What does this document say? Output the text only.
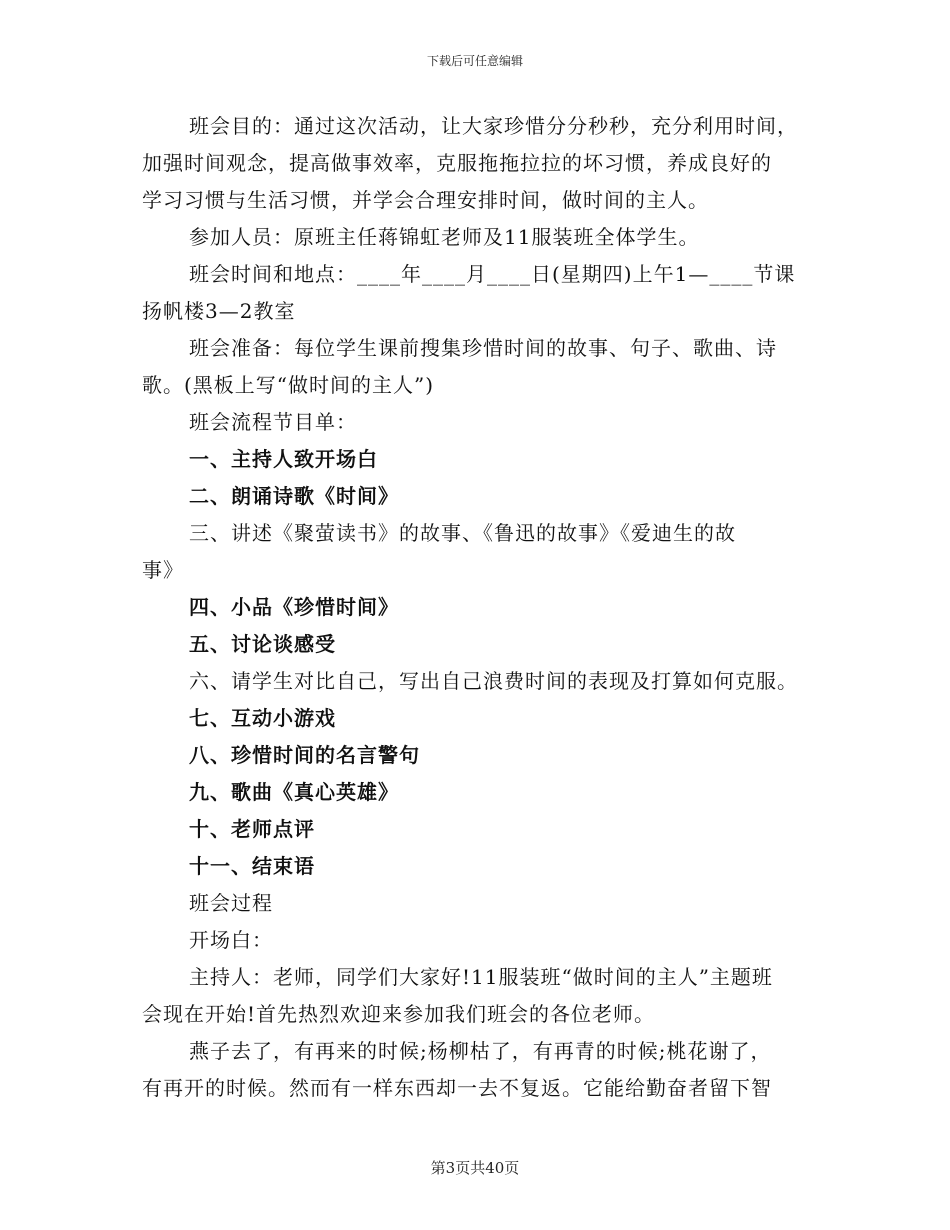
下载后可任意编辑
班会目的：通过这次活动，让大家珍惜分分秒秒，充分利用时间，
加强时间观念，提高做事效率，克服拖拖拉拉的坏习惯，养成良好的
学习习惯与生活习惯，并学会合理安排时间，做时间的主人。
参加人员：原班主任蒋锦虹老师及11服装班全体学生。
班会时间和地点：____年____月____日(星期四)上午1—____节课
扬帆楼3—2教室
班会准备：每位学生课前搜集珍惜时间的故事、句子、歌曲、诗
歌。(黑板上写“做时间的主人”)
班会流程节目单：
一、主持人致开场白
二、朗诵诗歌《时间》
三、讲述《聚萤读书》的故事、《鲁迅的故事》《爱迪生的故
事》
四、小品《珍惜时间》
五、讨论谈感受
六、请学生对比自己，写出自己浪费时间的表现及打算如何克服。
七、互动小游戏
八、珍惜时间的名言警句
九、歌曲《真心英雄》
十、老师点评
十一、结束语
班会过程
开场白：
主持人：老师，同学们大家好!11服装班“做时间的主人”主题班
会现在开始!首先热烈欢迎来参加我们班会的各位老师。
燕子去了，有再来的时候;杨柳枯了，有再青的时候;桃花谢了，
有再开的时候。然而有一样东西却一去不复返。它能给勤奋者留下智
第3页共40页
